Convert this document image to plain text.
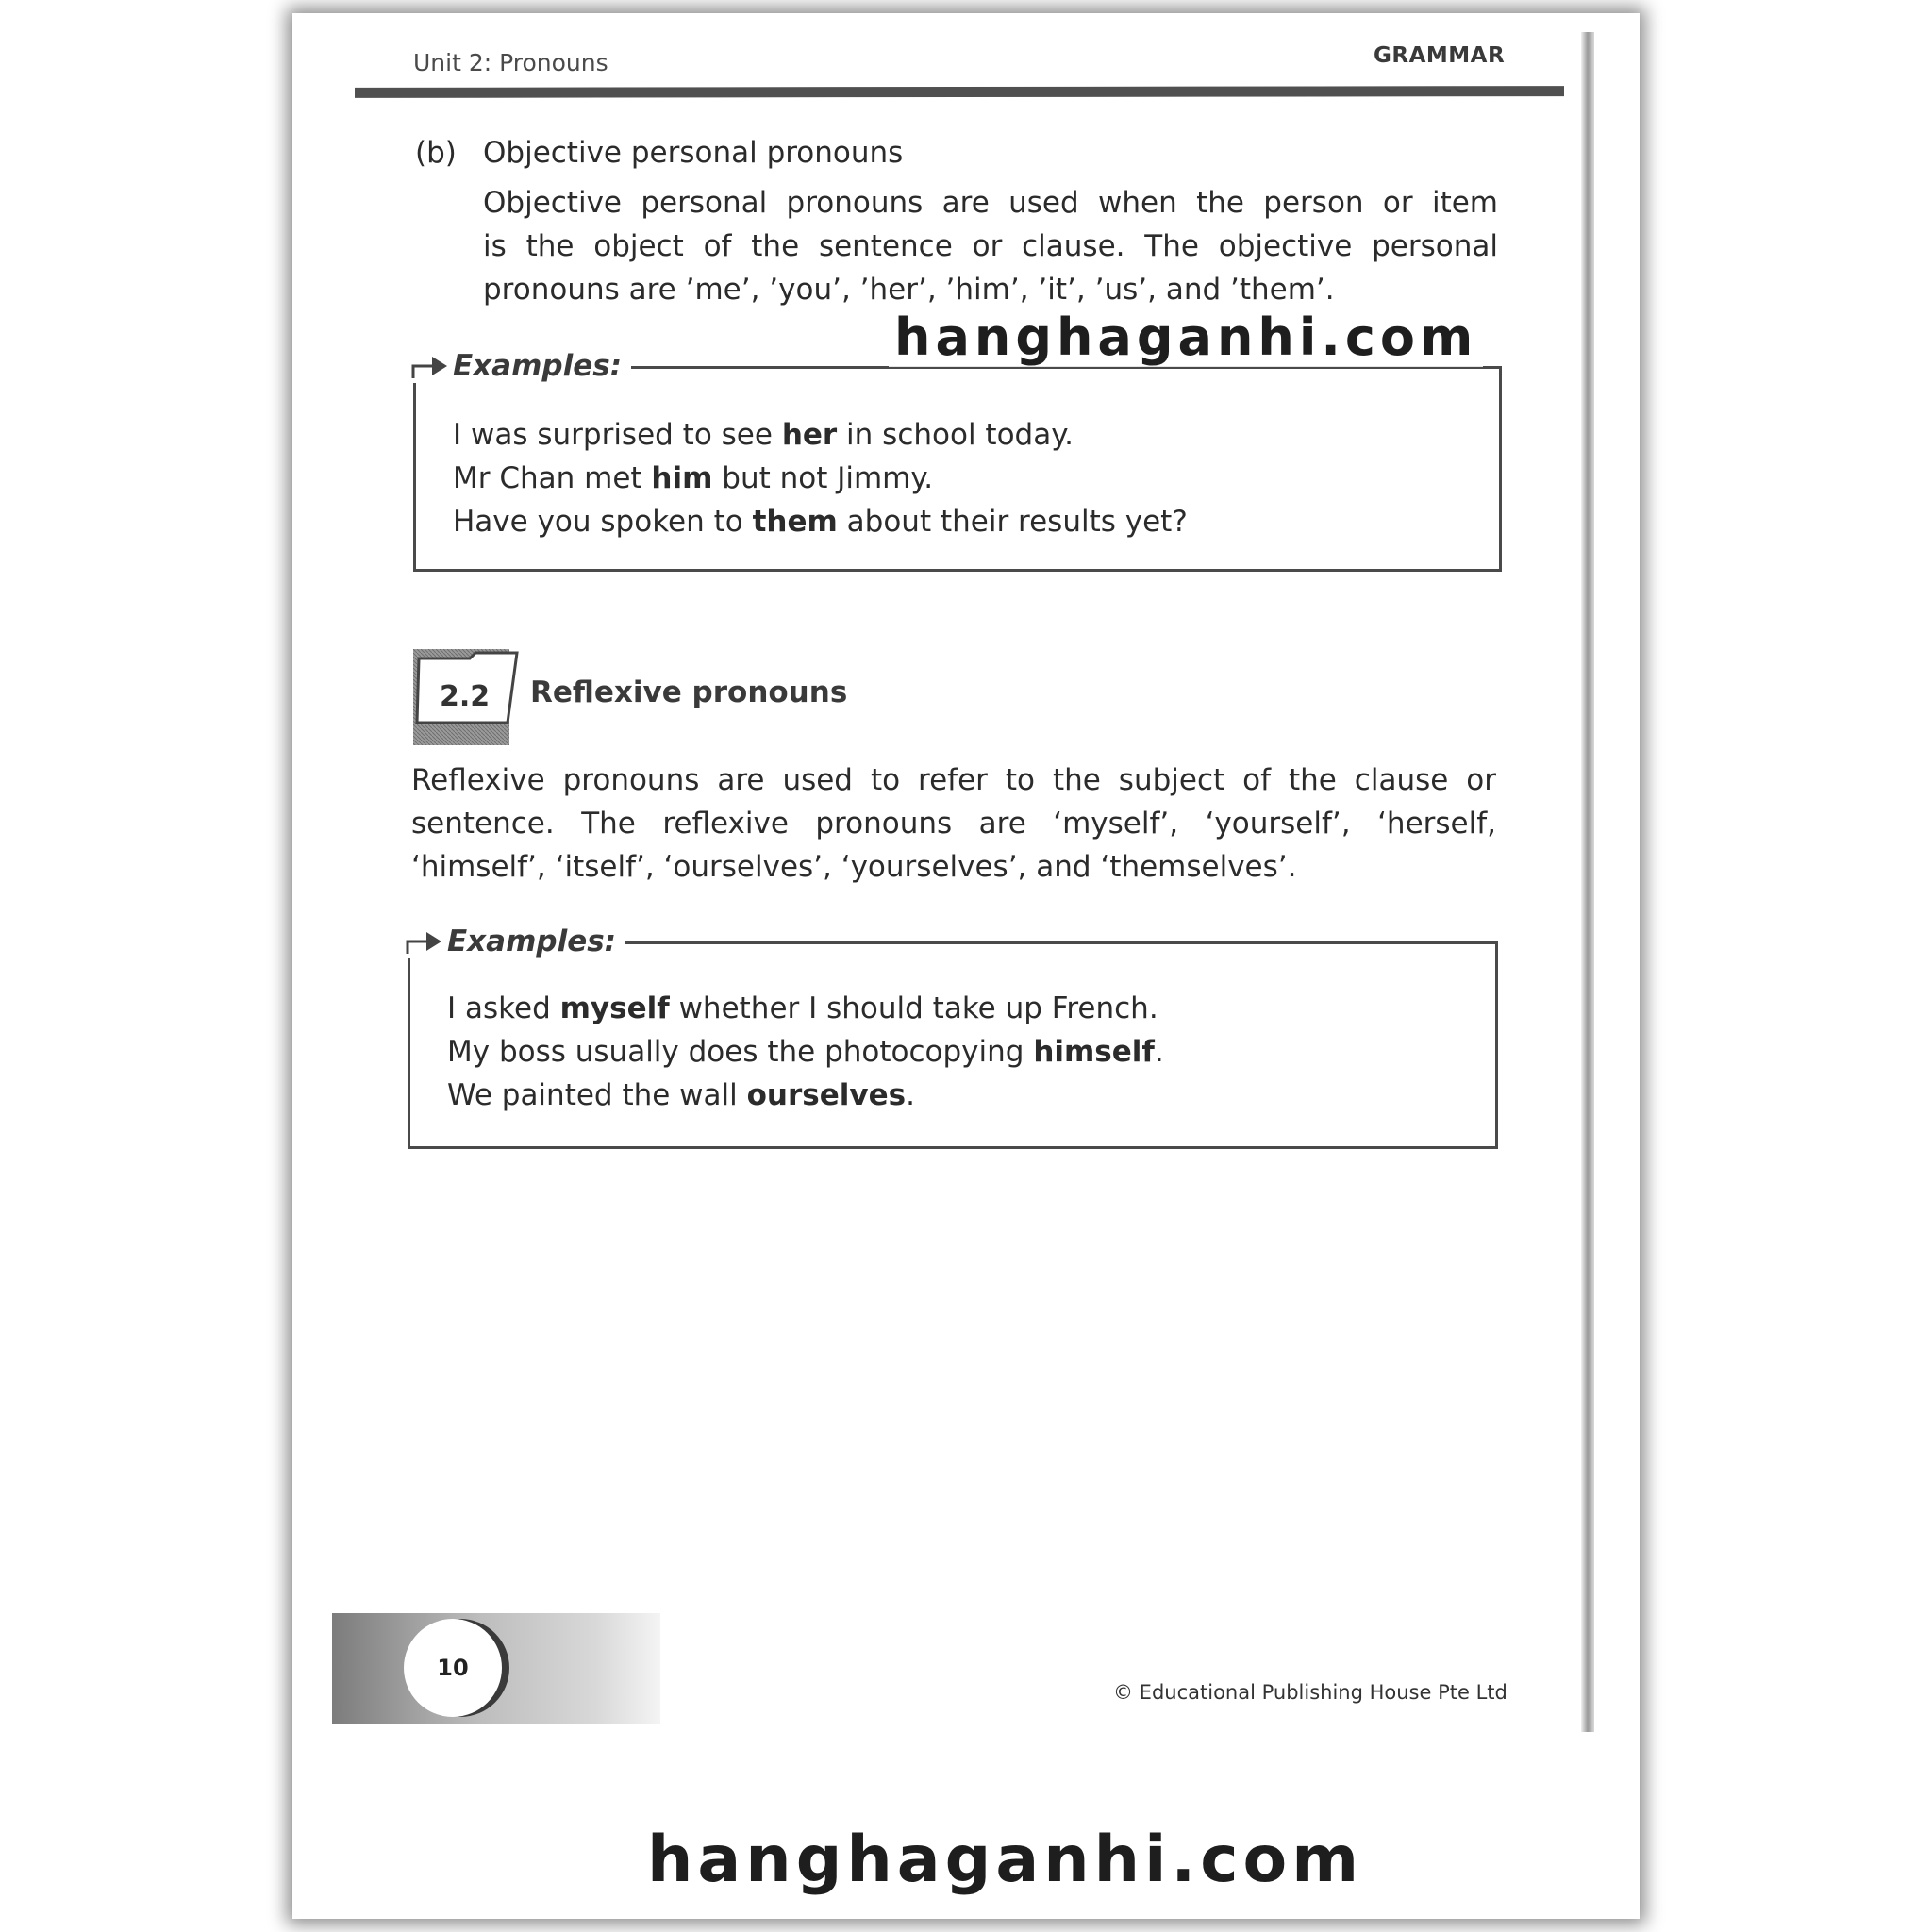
Unit 2: Pronouns	GRAMMAR
(b) Objective personal pronouns
Objective personal pronouns are used when the person or item
is the object of the sentence or clause. The objective personal
pronouns are ’me’, ’you’, ’her’, ’him’, ’it’, ’us’, and ’them’.
Examples:
I was surprised to see her in school today.
Mr Chan met him but not Jimmy.
Have you spoken to them about their results yet?
2.2 Reflexive pronouns
Reflexive pronouns are used to refer to the subject of the clause or
sentence. The reflexive pronouns are ‘myself’, ‘yourself’, ‘herself,
‘himself’, ‘itself’, ‘ourselves’, ‘yourselves’, and ‘themselves’.
Examples:
I asked myself whether I should take up French.
My boss usually does the photocopying himself.
We painted the wall ourselves.
10
© Educational Publishing House Pte Ltd
hanghaganhi.com
hanghaganhi.com
